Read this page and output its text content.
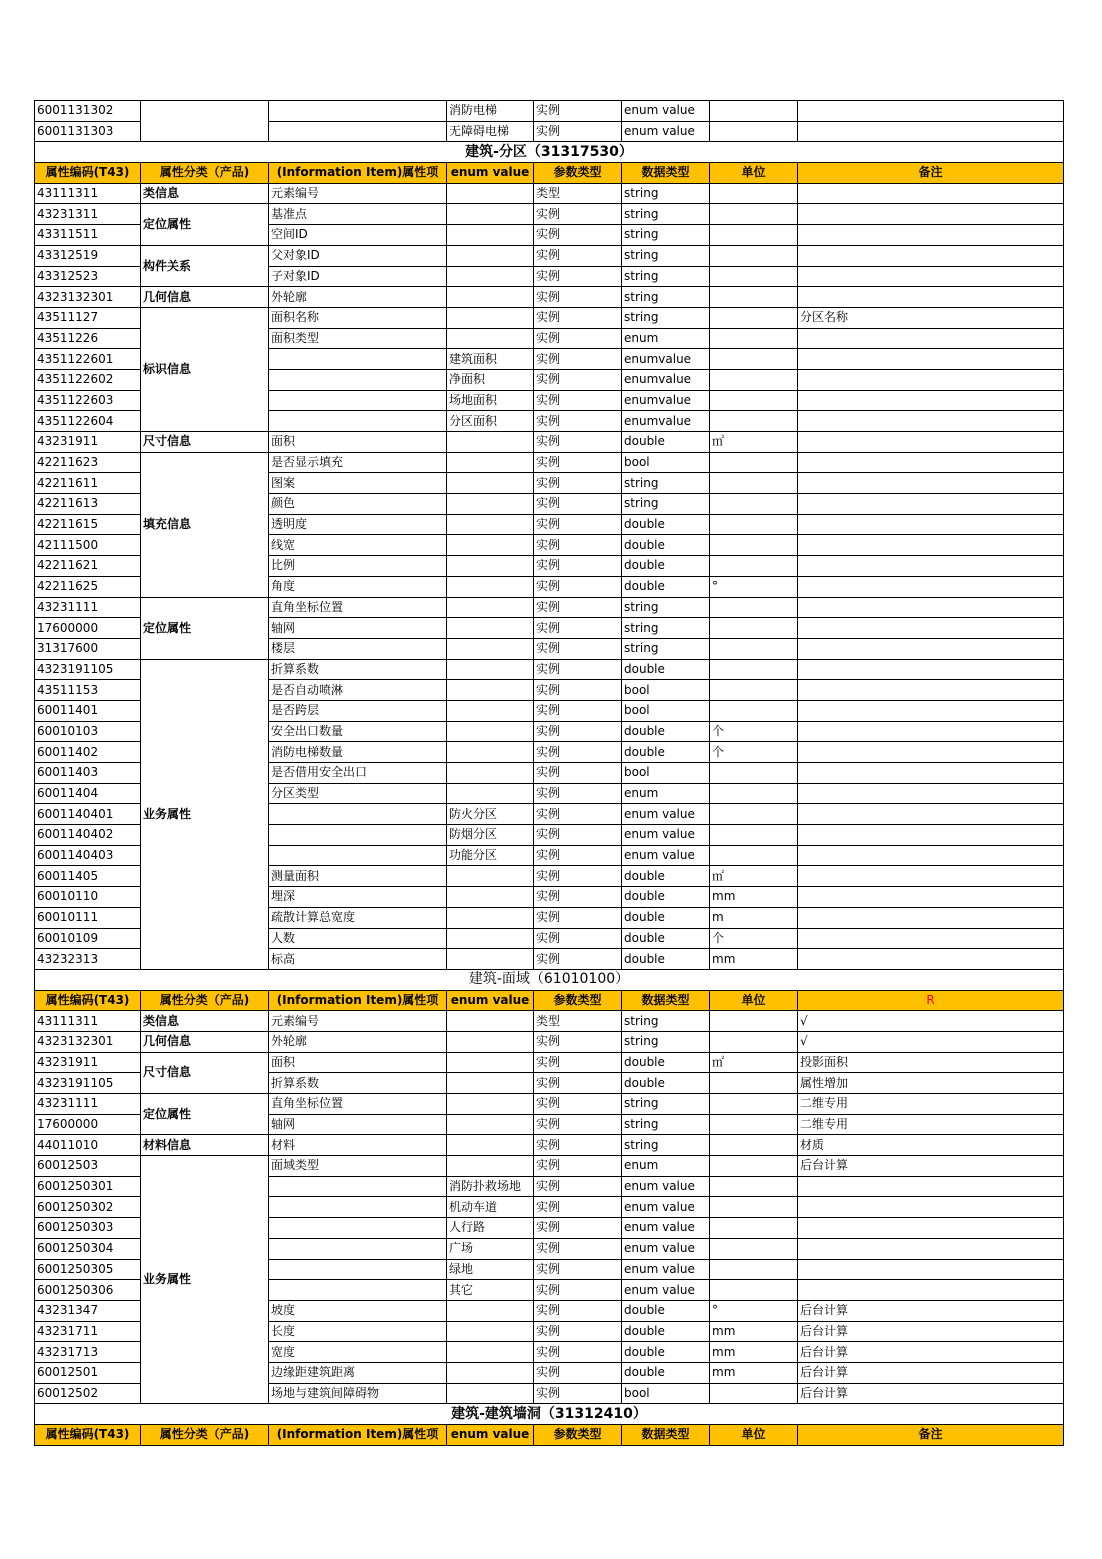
6001131302			消防电梯	实例	enum value		
6001131303			无障碍电梯	实例	enum value		
建筑-分区（31317530）							
属性编码(T43)	属性分类（产品)	(Information Item)属性项	enum value	参数类型	数据类型	单位	备注
43111311	类信息	元素编号		类型	string		
43231311	定位属性	基准点		实例	string		
43311511		空间ID		实例	string		
43312519	构件关系	父对象ID		实例	string		
43312523		子对象ID		实例	string		
4323132301	几何信息	外轮廓		实例	string		
43511127	标识信息	面积名称		实例	string		分区名称
43511226		面积类型		实例	enum		
4351122601			建筑面积	实例	enumvalue		
4351122602			净面积	实例	enumvalue		
4351122603			场地面积	实例	enumvalue		
4351122604			分区面积	实例	enumvalue		
43231911	尺寸信息	面积		实例	double	㎡	
42211623	填充信息	是否显示填充		实例	bool		
42211611		图案		实例	string		
42211613		颜色		实例	string		
42211615		透明度		实例	double		
42111500		线宽		实例	double		
42211621		比例		实例	double		
42211625		角度		实例	double	°	
43231111	定位属性	直角坐标位置		实例	string		
17600000		轴网		实例	string		
31317600		楼层		实例	string		
4323191105	业务属性	折算系数		实例	double		
43511153		是否自动喷淋		实例	bool		
60011401		是否跨层		实例	bool		
60010103		安全出口数量		实例	double	个	
60011402		消防电梯数量		实例	double	个	
60011403		是否借用安全出口		实例	bool		
60011404		分区类型		实例	enum		
6001140401			防火分区	实例	enum value		
6001140402			防烟分区	实例	enum value		
6001140403			功能分区	实例	enum value		
60011405		测量面积		实例	double	㎡	
60010110		埋深		实例	double	mm	
60010111		疏散计算总宽度		实例	double	m	
60010109		人数		实例	double	个	
43232313		标高		实例	double	mm	
建筑-面域（61010100）							
属性编码(T43)	属性分类（产品)	(Information Item)属性项	enum value	参数类型	数据类型	单位	R
43111311	类信息	元素编号		类型	string		√
4323132301	几何信息	外轮廓		实例	string		√
43231911	尺寸信息	面积		实例	double	㎡	投影面积
4323191105		折算系数		实例	double		属性增加
43231111	定位属性	直角坐标位置		实例	string		二维专用
17600000		轴网		实例	string		二维专用
44011010	材料信息	材料		实例	string		材质
60012503	业务属性	面域类型		实例	enum		后台计算
6001250301			消防扑救场地	实例	enum value		
6001250302			机动车道	实例	enum value		
6001250303			人行路	实例	enum value		
6001250304			广场	实例	enum value		
6001250305			绿地	实例	enum value		
6001250306			其它	实例	enum value		
43231347		坡度		实例	double	°	后台计算
43231711		长度		实例	double	mm	后台计算
43231713		宽度		实例	double	mm	后台计算
60012501		边缘距建筑距离		实例	double	mm	后台计算
60012502		场地与建筑间障碍物		实例	bool		后台计算
建筑-建筑墙洞（31312410）							
属性编码(T43)	属性分类（产品)	(Information Item)属性项	enum value	参数类型	数据类型	单位	备注
